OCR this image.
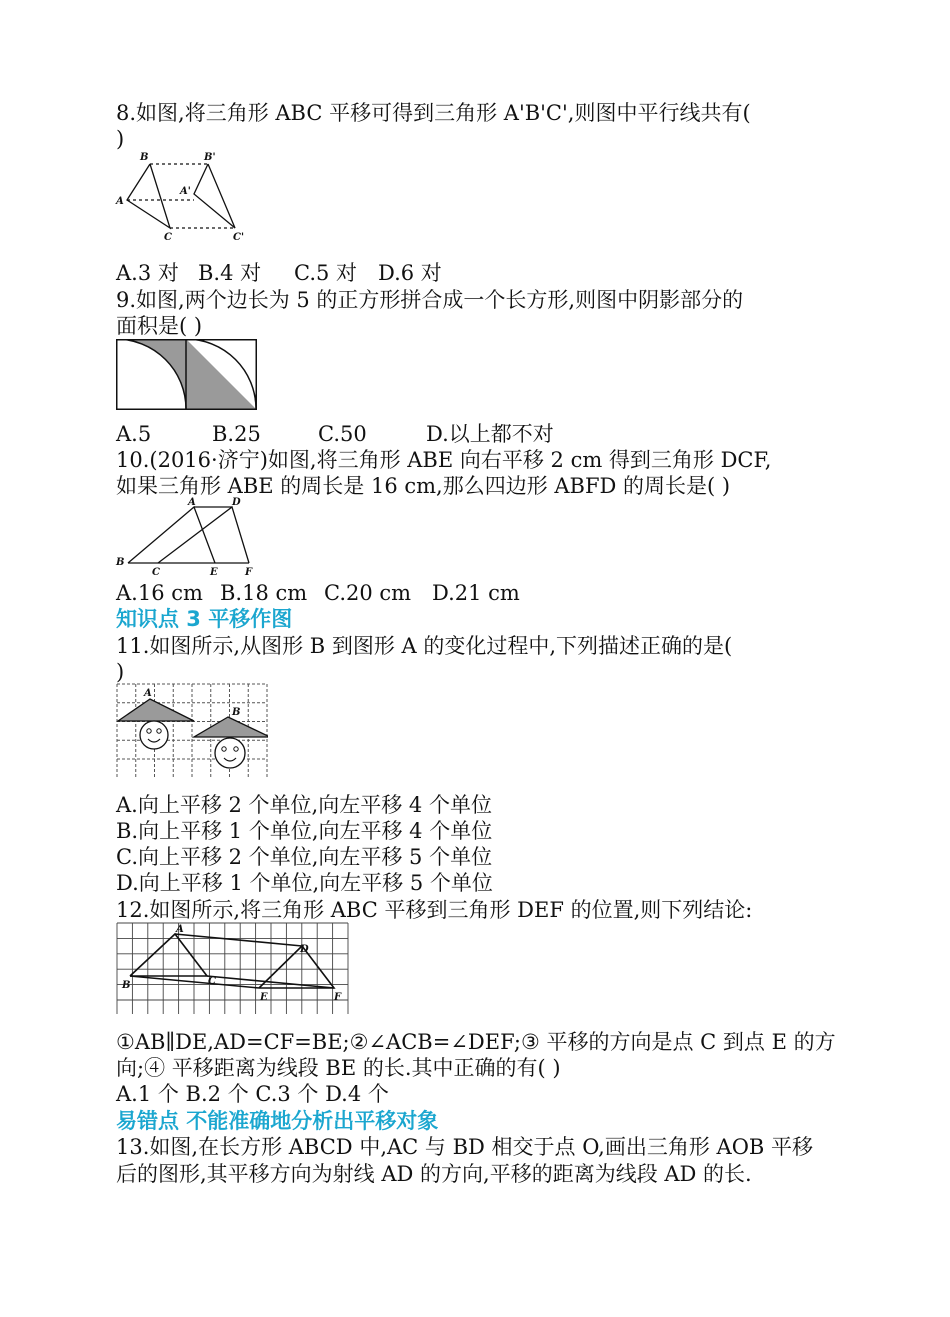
8.如图,将三角形 ABC 平移可得到三角形 A'B'C',则图中平行线共有(
)
B	B'
A'
A
C	C'
A.3 对 B.4 对 C.5 对 D.6 对
9.如图,两个边长为 5 的正方形拼合成一个长方形,则图中阴影部分的
面积是( )
A.5	B.25	C.50	D.以上都不对
10.(2016·济宁)如图,将三角形 ABE 向右平移 2 cm 得到三角形 DCF,
如果三角形 ABE 的周长是 16 cm,那么四边形 ABFD 的周长是( )
A	D
B
C	E	F
A.16 cm B.18 cm C.20 cm D.21 cm
知识点 3 平移作图
11.如图所示,从图形 B 到图形 A 的变化过程中,下列描述正确的是(
)
A
B
A.向上平移 2 个单位,向左平移 4 个单位
B.向上平移 1 个单位,向左平移 4 个单位
C.向上平移 2 个单位,向左平移 5 个单位
D.向上平移 1 个单位,向左平移 5 个单位
12.如图所示,将三角形 ABC 平移到三角形 DEF 的位置,则下列结论:
A
D
B	C
E	F
①AB∥DE,AD=CF=BE;②∠ACB=∠DEF;③ 平移的方向是点 C 到点 E 的方
向;④ 平移距离为线段 BE 的长.其中正确的有( )
A.1 个 B.2 个 C.3 个 D.4 个
易错点 不能准确地分析出平移对象
13.如图,在长方形 ABCD 中,AC 与 BD 相交于点 O,画出三角形 AOB 平移
后的图形,其平移方向为射线 AD 的方向,平移的距离为线段 AD 的长.
